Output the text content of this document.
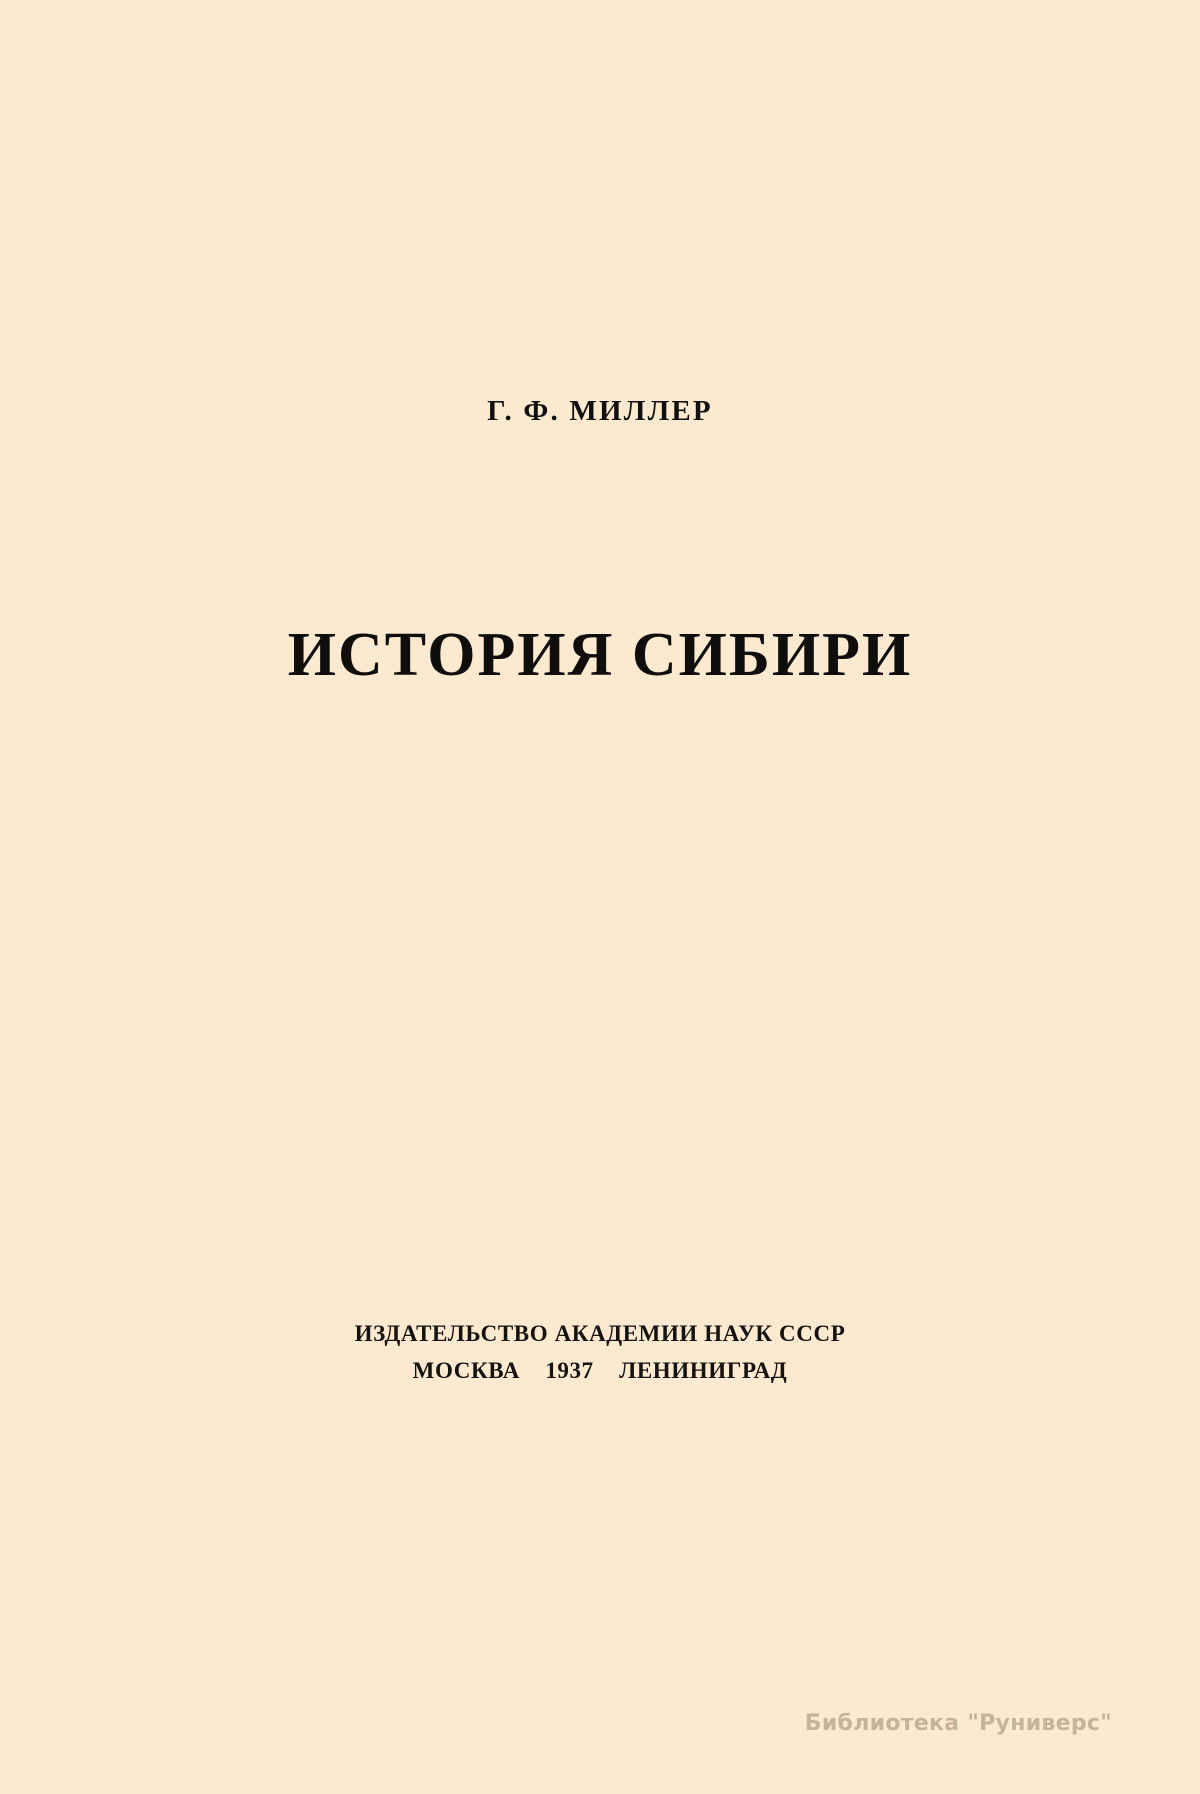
Г. Ф. МИЛЛЕР
ИСТОРИЯ СИБИРИ
ИЗДАТЕЛЬСТВО АКАДЕМИИ НАУК СССР
МОСКВА    1937    ЛЕНИНИГРАД
Библиотека "Руниверс"
